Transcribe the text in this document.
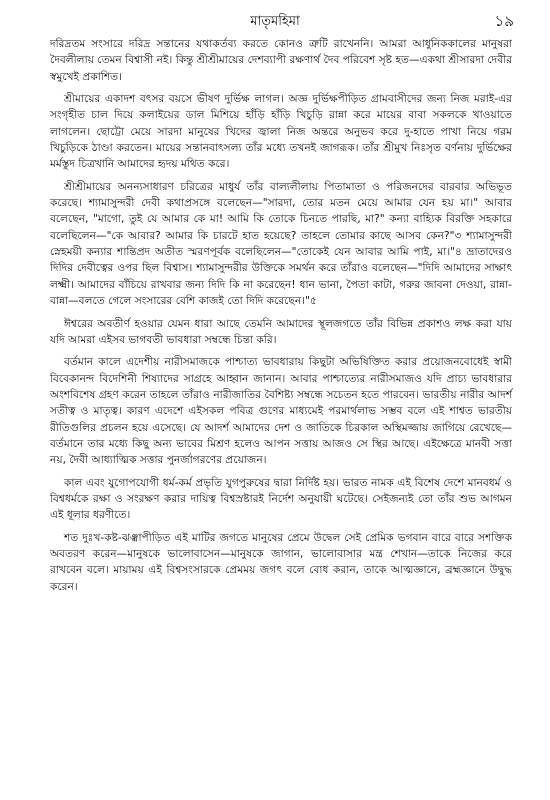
মাতৃমহিমা	১৯

দরিদ্রতম সংসারে দরিদ্র সন্তানের যথাকর্তব্য করতে কোনও ত্রুটি রাখেননি। আমরা আধুনিককালের মানুষরা দৈবলীলায় তেমন বিশ্বাসী নই। কিন্তু শ্রীশ্রীমায়ের দেশব্যাপী রক্ষণার্থ দৈব পরিবেশ সৃষ্ট হত—একথা শ্রীসারদা দেবীর স্বমুখেই প্রকাশিত।

শ্রীমায়ের একাদশ বৎসর বয়সে ভীষণ দুর্ভিক্ষ লাগল। অজ্ঞ দুর্ভিক্ষপীড়িত গ্রামবাসীদের জন্য নিজ মরাই-এর সংগৃহীত চাল দিয়ে কলাইয়ের ডাল মিশিয়ে হাঁড়ি হাঁড়ি খিচুড়ি রান্না করে মায়ের বাবা সকলকে খাওয়াতে লাগলেন। ছোট্টো মেয়ে সারদা মানুষের খিদের জ্বালা নিজ অন্তরে অনুভব করে দু-হাতে পাখা নিয়ে গরম খিচুড়িকে ঠাণ্ডা করতেন। মায়ের সন্তানবাৎসল্য তাঁর মধ্যে তখনই জাগরূক। তাঁর শ্রীমুখ নিঃসৃত বর্ণনায় দুর্ভিক্ষের মর্মস্তুদ চিত্রখানি আমাদের হৃদয় মথিত করে।

শ্রীশ্রীমায়ের অনন্যসাধারণ চরিত্রের মাধুর্য তাঁর বাল্যলীলায় পিতামাতা ও পরিজনদের বারবার অভিভূত করেছে। শ্যামাসুন্দরী দেবী কথাপ্রসঙ্গে বলেছেন—"সারদা, তোর মতন মেয়ে আমার যেন হয় মা।" আবার বলেছেন, "মাগো, তুই যে আমার কে মা! আমি কি তোকে চিনতে পারছি, মা?" কন্যা বাহ্যিক বিরক্তি সহকারে বলেছিলেন—"কে আবার? আমার কি চারটে হাত হয়েছে? তাহলে তোমার কাছে আসব কেন?"৩ শ্যামাসুন্দরী স্নেহময়ী কন্যার শান্তিপ্রদ অতীত স্মরণপূর্বক বলেছিলেন—"তোকেই যেন আবার আমি পাই, মা।"৪ ভ্রাতাদেরও দিদির দেবীত্বের ওপর ছিল বিশ্বাস। শ্যামাসুন্দরীর উক্তিকে সমর্থন করে তাঁরাও বলেছেন—"দিদি আমাদের সাক্ষাৎ লক্ষ্মী। আমাদের বাঁচিয়ে রাখবার জন্য দিদি কি না করেছেন! ধান ভানা, পৈতা কাটা, গরুর জাবনা দেওয়া, রান্না-বান্না—বলতে গেলে সংসারের বেশি কাজই তো দিদি করেছেন।"৫

ঈশ্বরের অবতীর্ণ হওয়ার যেমন ধারা আছে তেমনি আমাদের স্থূলজগতে তাঁর বিভিন্ন প্রকাশও লক্ষ করা যায় যদি আমরা এইসব ভাগবতী ভাবধারা সম্বন্ধে চিন্তা করি।

বর্তমান কালে এদেশীয় নারীসমাজকে পাশ্চাত্য ভাবধারায় কিছুটা অভিষিক্তিত করার প্রয়োজনবোধেই স্বামী বিবেকানন্দ বিদেশিনী শিষ্যাদের সাগ্রহে আহ্বান জানান। আবার পাশ্চাত্যের নারীসমাজও যদি প্রাচ্য ভাবধারার অংশবিশেষ গ্রহণ করেন তাহলে তাঁরাও নারীজাতির বৈশিষ্ট্য সম্বন্ধে সচেতন হতে পারবেন। ভারতীয় নারীর আদর্শ সতীত্ব ও মাতৃত্ব। কারণ এদেশে এইসকল পবিত্র গুণের মাধ্যমেই পরমার্থলাভ সম্ভব বলে এই শাশ্বত ভারতীয় রীতিগুলির প্রচলন হয়ে এসেছে। যে আদর্শ আমাদের দেশ ও জাতিকে চিরকাল অস্থিমজ্জায় জাগিয়ে রেখেছে—বর্তমানে তার মধ্যে কিছু অন্য ভাবের মিশ্রণ হলেও আপন সত্তায় আজও সে স্থির আছে। এইক্ষেত্রে মানবী সত্তা নয়, দৈবী আধ্যাত্মিক সত্তার পুনর্জাগরণের প্রয়োজন।

কাল এবং যুগোপযোগী ধর্ম-কর্ম প্রভৃতি যুগপুরুষের দ্বারা নির্দিষ্ট হয়। ভারত নামক এই বিশেষ দেশে মানবধর্ম ও বিশ্বধর্মকে রক্ষা ও সংরক্ষণ করার দায়িত্ব বিশ্বস্রষ্টারই নির্দেশ অনুযায়ী ঘটেছে। সেইজন্যই তো তাঁর শুভ আগমন এই ধূলার ধরণীতে।

শত দুঃখ-কষ্ট-ঝঞ্ঝাপীড়িত এই মাটির জগতে মানুষের প্রেমে উদ্বেল সেই প্রেমিক ভগবান বারে বারে সশক্তিক অবতরণ করেন—মানুষকে ভালোবাসেন—মানুষকে জাগান, ভালোবাসার মন্ত্র শেখান—তাকে নিজের করে রাখবেন বলে। মায়াময় এই বিশ্বসংসারকে প্রেমময় জগৎ বলে বোধ করান, তাকে আত্মজ্ঞানে, ব্রহ্মজ্ঞানে উদ্বুদ্ধ করেন।
